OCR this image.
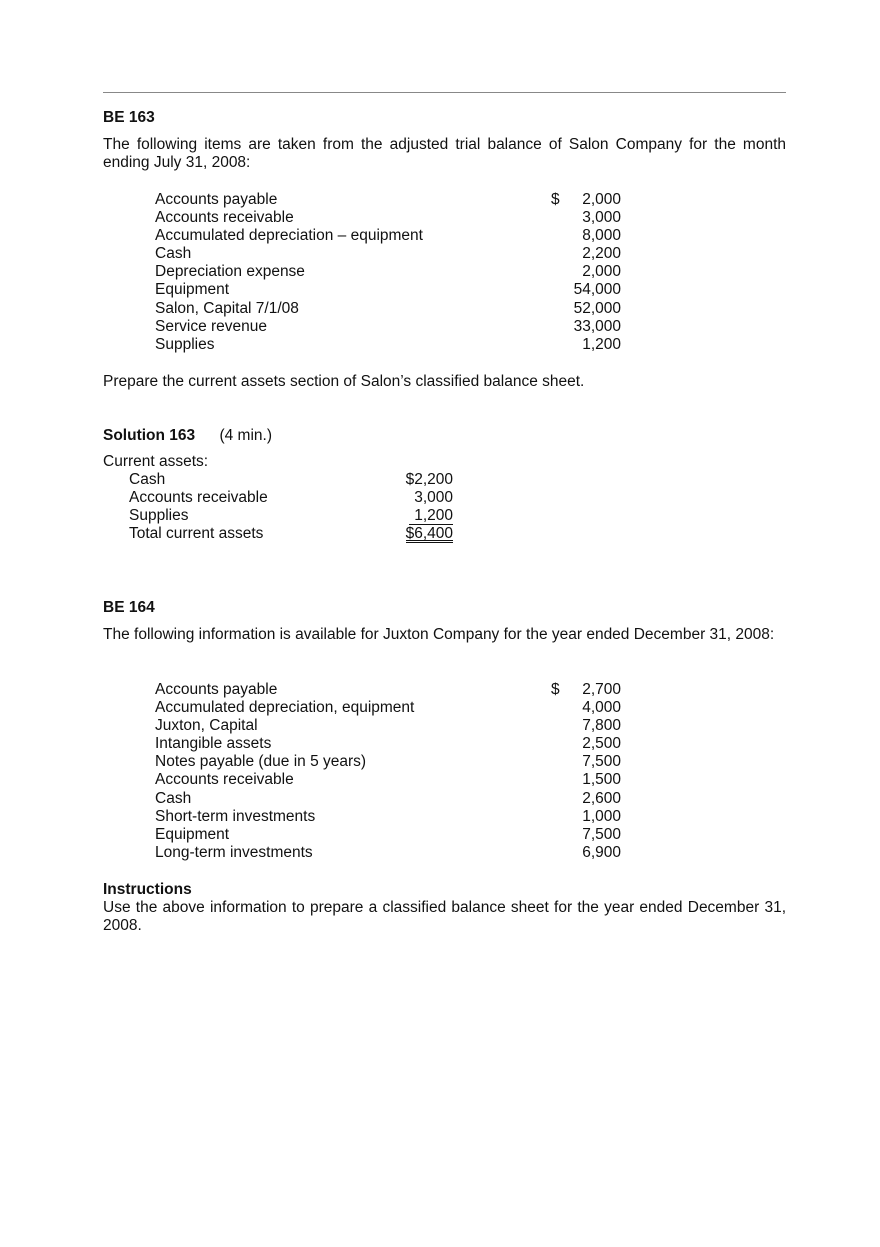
BE 163
The following items are taken from the adjusted trial balance of Salon Company for the month ending July 31, 2008:
Accounts payable	$ 2,000
Accounts receivable	3,000
Accumulated depreciation – equipment	8,000
Cash	2,200
Depreciation expense	2,000
Equipment	54,000
Salon, Capital 7/1/08	52,000
Service revenue	33,000
Supplies	1,200
Prepare the current assets section of Salon’s classified balance sheet.
Solution 163 (4 min.)
Current assets:
Cash	$2,200
Accounts receivable	3,000
Supplies	1,200
Total current assets	$6,400
BE 164
The following information is available for Juxton Company for the year ended December 31, 2008:
Accounts payable	$ 2,700
Accumulated depreciation, equipment	4,000
Juxton, Capital	7,800
Intangible assets	2,500
Notes payable (due in 5 years)	7,500
Accounts receivable	1,500
Cash	2,600
Short-term investments	1,000
Equipment	7,500
Long-term investments	6,900
Instructions
Use the above information to prepare a classified balance sheet for the year ended December 31, 2008.
